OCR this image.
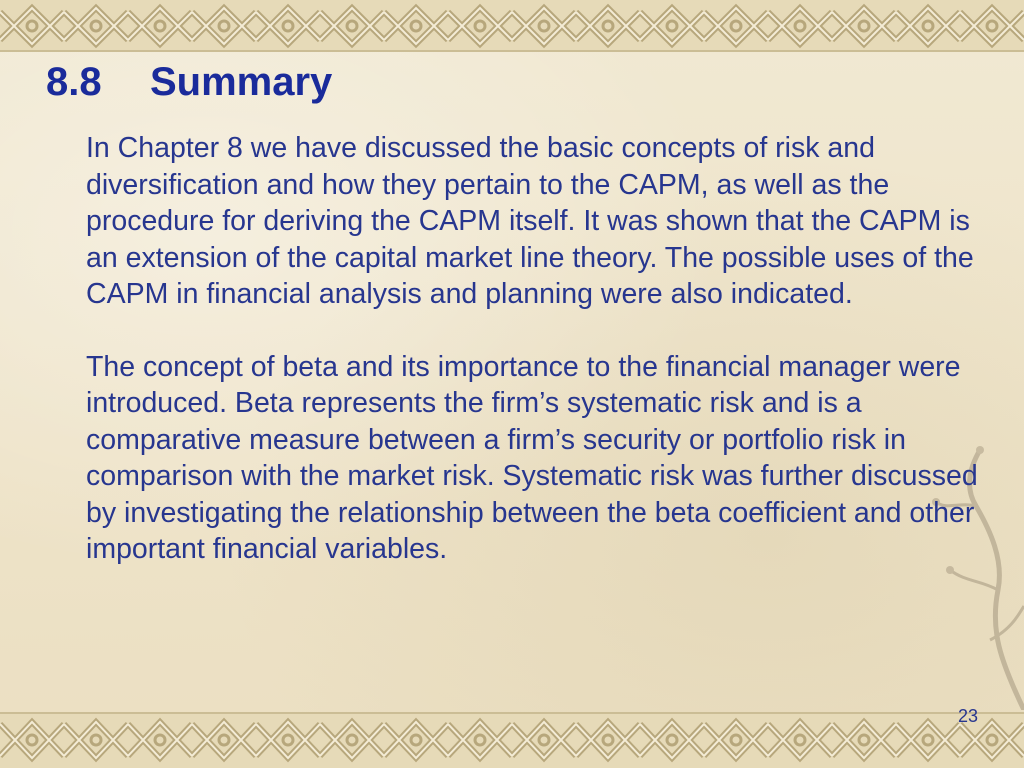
8.8 Summary

In Chapter 8 we have discussed the basic concepts of risk and diversification and how they pertain to the CAPM, as well as the procedure for deriving the CAPM itself. It was shown that the CAPM is an extension of the capital market line theory. The possible uses of the CAPM in financial analysis and planning were also indicated.

The concept of beta and its importance to the financial manager were introduced. Beta represents the firm’s systematic risk and is a comparative measure between a firm’s security or portfolio risk in comparison with the market risk. Systematic risk was further discussed by investigating the relationship between the beta coefficient and other important financial variables.

23
